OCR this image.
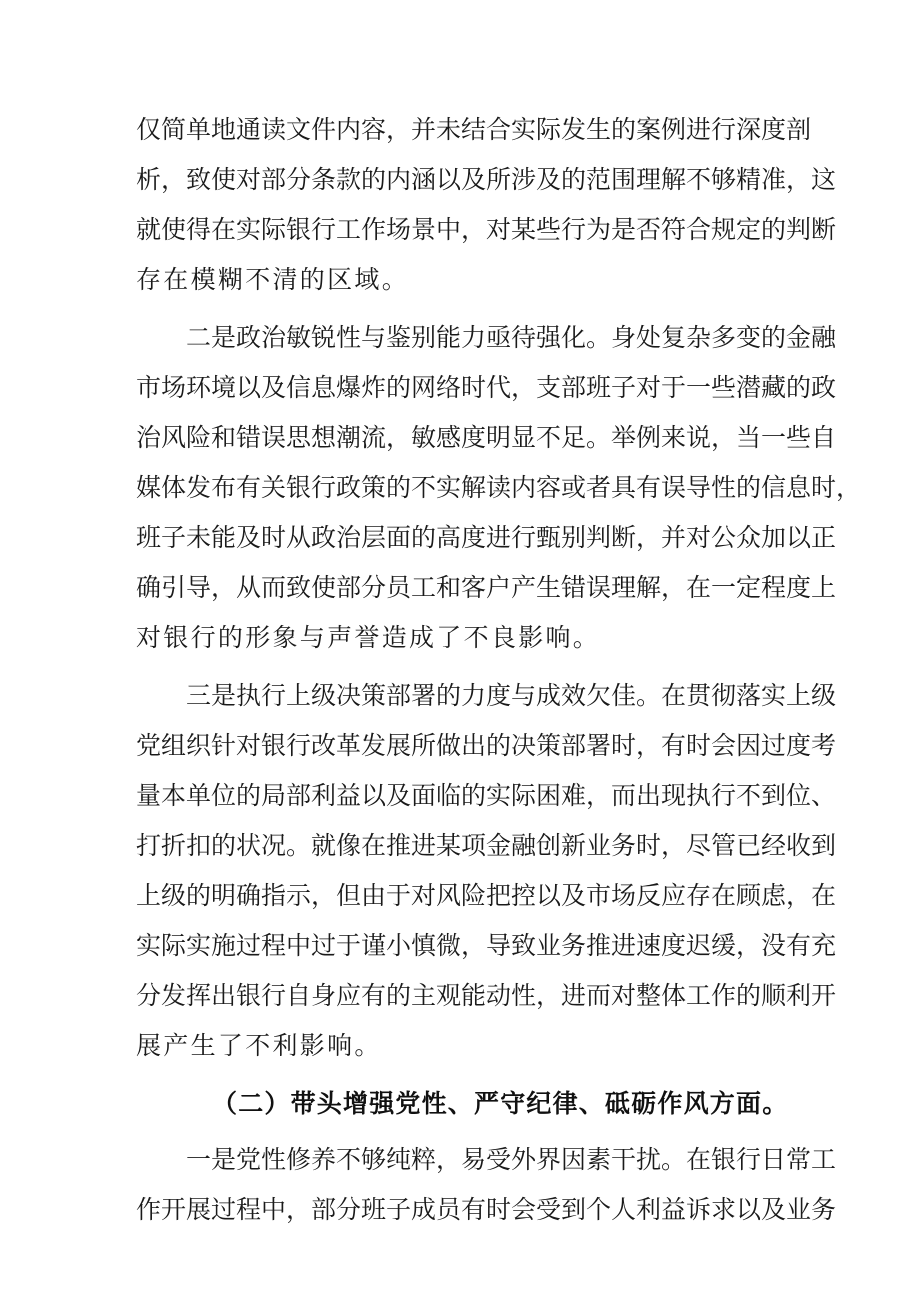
仅简单地通读文件内容，并未结合实际发生的案例进行深度剖
析，致使对部分条款的内涵以及所涉及的范围理解不够精准，这
就使得在实际银行工作场景中，对某些行为是否符合规定的判断
存在模糊不清的区域。
二是政治敏锐性与鉴别能力亟待强化。身处复杂多变的金融
市场环境以及信息爆炸的网络时代，支部班子对于一些潜藏的政
治风险和错误思想潮流，敏感度明显不足。举例来说，当一些自
媒体发布有关银行政策的不实解读内容或者具有误导性的信息时，
班子未能及时从政治层面的高度进行甄别判断，并对公众加以正
确引导，从而致使部分员工和客户产生错误理解，在一定程度上
对银行的形象与声誉造成了不良影响。
三是执行上级决策部署的力度与成效欠佳。在贯彻落实上级
党组织针对银行改革发展所做出的决策部署时，有时会因过度考
量本单位的局部利益以及面临的实际困难，而出现执行不到位、
打折扣的状况。就像在推进某项金融创新业务时，尽管已经收到
上级的明确指示，但由于对风险把控以及市场反应存在顾虑，在
实际实施过程中过于谨小慎微，导致业务推进速度迟缓，没有充
分发挥出银行自身应有的主观能动性，进而对整体工作的顺利开
展产生了不利影响。
（二）带头增强党性、严守纪律、砥砺作风方面。
一是党性修养不够纯粹，易受外界因素干扰。在银行日常工
作开展过程中，部分班子成员有时会受到个人利益诉求以及业务
